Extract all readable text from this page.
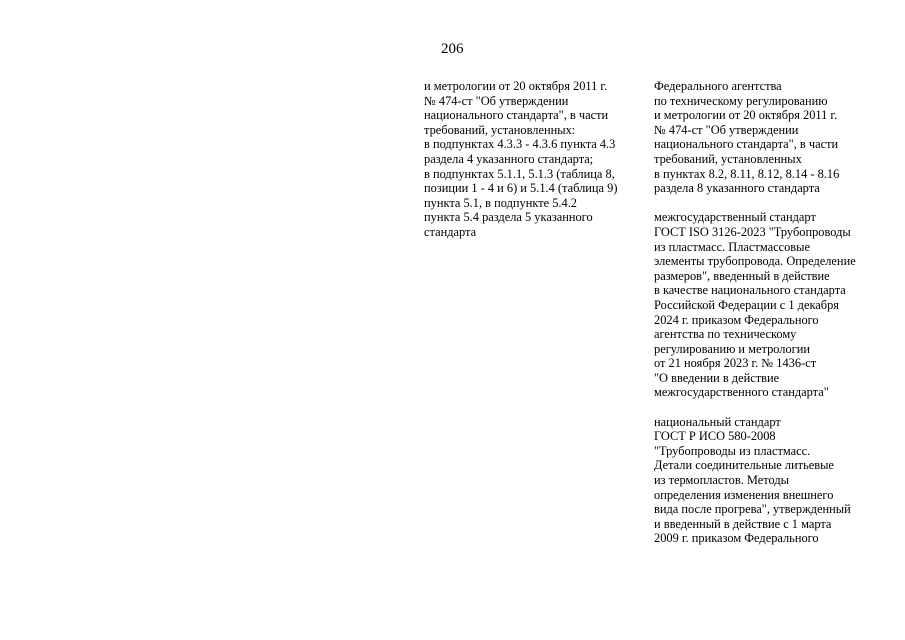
206
и метрологии от 20 октября 2011 г.
№ 474-ст "Об утверждении
национального стандарта", в части
требований, установленных:
в подпунктах 4.3.3 - 4.3.6 пункта 4.3
раздела 4 указанного стандарта;
в подпунктах 5.1.1, 5.1.3 (таблица 8,
позиции 1 - 4 и 6) и 5.1.4 (таблица 9)
пункта 5.1, в подпункте 5.4.2
пункта 5.4 раздела 5 указанного
стандарта
Федерального агентства
по техническому регулированию
и метрологии от 20 октября 2011 г.
№ 474-ст "Об утверждении
национального стандарта", в части
требований, установленных
в пунктах 8.2, 8.11, 8.12, 8.14 - 8.16
раздела 8 указанного стандарта
межгосударственный стандарт
ГОСТ ISO 3126-2023 "Трубопроводы
из пластмасс. Пластмассовые
элементы трубопровода. Определение
размеров", введенный в действие
в качестве национального стандарта
Российской Федерации с 1 декабря
2024 г. приказом Федерального
агентства по техническому
регулированию и метрологии
от 21 ноября 2023 г. № 1436-ст
"О введении в действие
межгосударственного стандарта"
национальный стандарт
ГОСТ Р ИСО 580-2008
"Трубопроводы из пластмасс.
Детали соединительные литьевые
из термопластов. Методы
определения изменения внешнего
вида после прогрева", утвержденный
и введенный в действие с 1 марта
2009 г. приказом Федерального
